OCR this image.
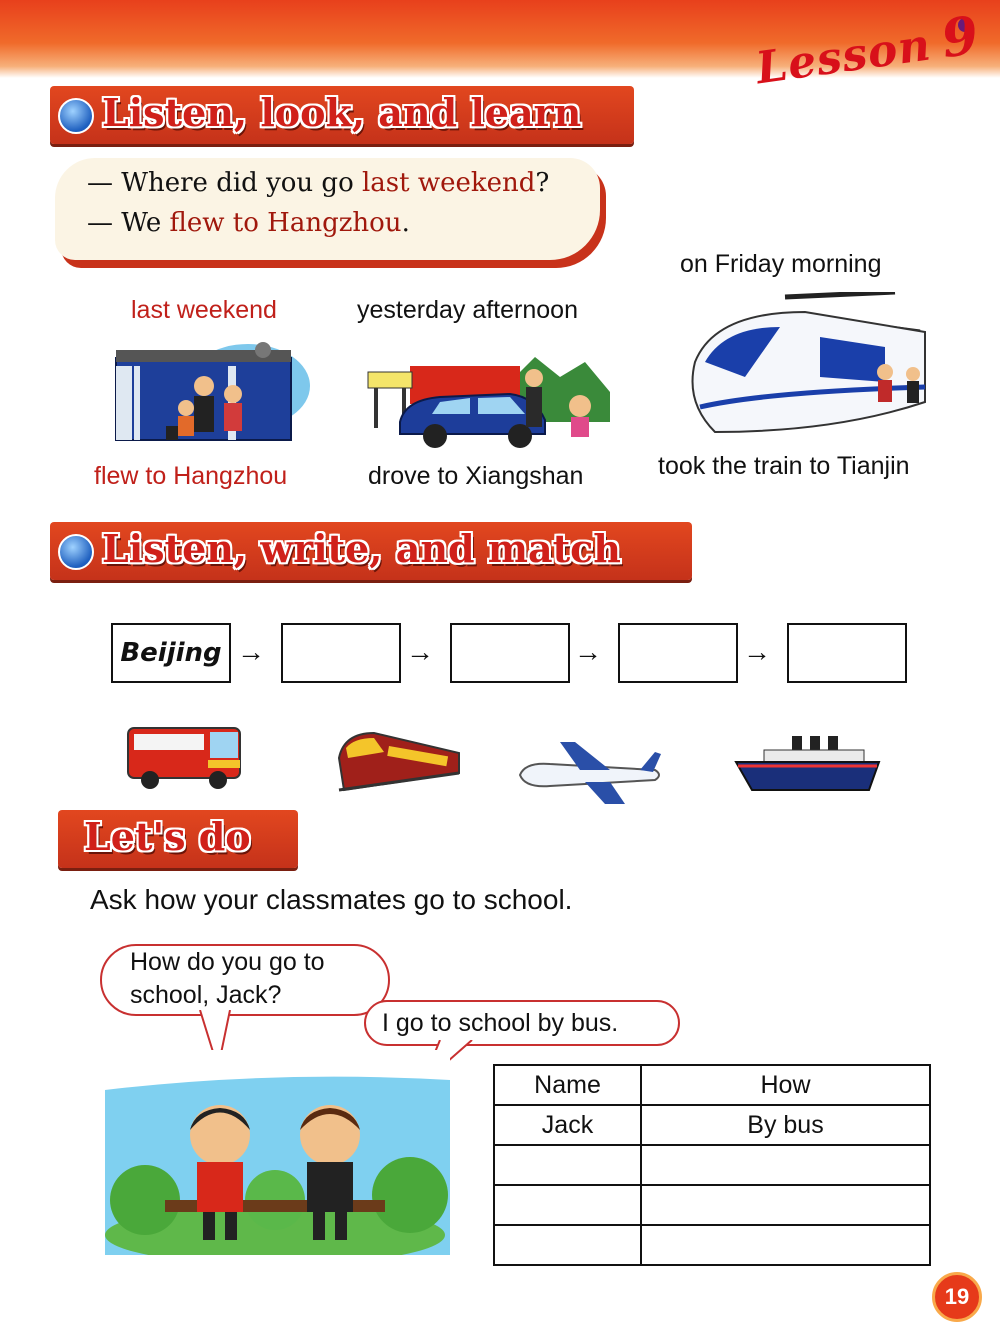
Lesson9
Listen, look, and learn
— Where did you go last weekend?
— We flew to Hangzhou.
last weekend
flew to Hangzhou
yesterday afternoon
drove to Xiangshan
on Friday morning
took the train to Tianjin
Listen, write, and match
Beijing →	→	→	→
Let's do
Ask how your classmates go to school.
How do you go to school, Jack?
I go to school by bus.
Name	How
Jack	By bus

19
